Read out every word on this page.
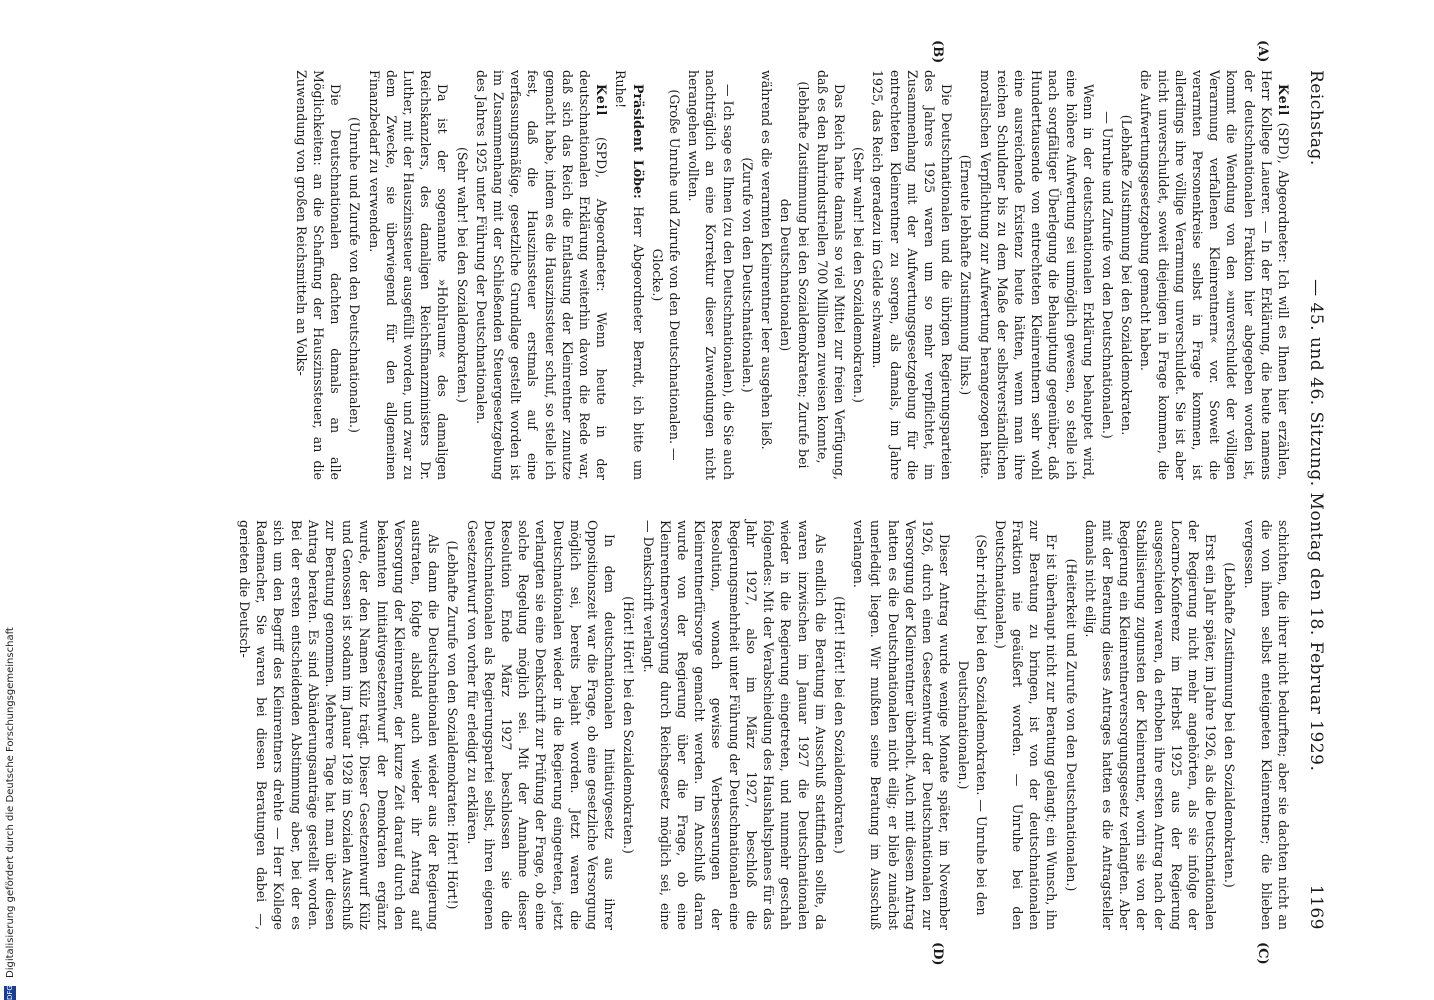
Reichstag.
— 45. und 46. Sitzung. Montag den 18. Februar 1929.
1169
(A)
(B)
(C)
(D)

Keil (SPD), Abgeordneter: Ich will es Ihnen hier erzählen, Herr Kollege Lauerer. — In der Erklärung, die heute namens der deutschnationalen Fraktion hier abgegeben worden ist, kommt die Wendung von den »unverschuldet der völligen Verarmung verfallenen Kleinrentnern« vor. Soweit die verarmten Personenkreise selbst in Frage kommen, ist allerdings ihre völlige Verarmung unverschuldet. Sie ist aber nicht unverschuldet, soweit diejenigen in Frage kommen, die die Aufwertungsgesetzgebung gemacht haben.

(Lebhafte Zustimmung bei den Sozialdemokraten.

— Unruhe und Zurufe von den Deutschnationalen.)

Wenn in der deutschnationalen Erklärung behauptet wird, eine höhere Aufwertung sei unmöglich gewesen, so stelle ich nach sorgfältiger Überlegung die Behauptung gegenüber, daß Hunderttausende von entrechteten Kleinrentnern sehr wohl eine ausreichende Existenz heute hätten, wenn man ihre reichen Schuldner bis zu dem Maße der selbstverständlichen moralischen Verpflichtung zur Aufwertung herangezogen hätte.

(Erneute lebhafte Zustimmung links.)

Die Deutschnationalen und die übrigen Regierungsparteien des Jahres 1925 waren um so mehr verpflichtet, im Zusammenhang mit der Aufwertungsgesetzgebung für die entrechteten Kleinrentner zu sorgen, als damals, im Jahre 1925, das Reich geradezu im Gelde schwamm.

(Sehr wahr! bei den Sozialdemokraten.)

Das Reich hatte damals so viel Mittel zur freien Verfügung, daß es den Ruhrindustriellen 700 Millionen zuweisen konnte,

(lebhafte Zustimmung bei den Sozialdemokraten; Zurufe bei den Deutschnationalen)

während es die verarmten Kleinrentner leer ausgehen ließ.

(Zurufe von den Deutschnationalen.)

— Ich sage es Ihnen (zu den Deutschnationalen), die Sie auch nachträglich an eine Korrektur dieser Zuwendungen nicht herangehen wollten.

(Große Unruhe und Zurufe von den Deutschnationalen. — Glocke.)

Präsident Löbe: Herr Abgeordneter Berndt, ich bitte um Ruhe!

Keil (SPD), Abgeordneter: Wenn heute in der deutschnationalen Erklärung weiterhin davon die Rede war, daß sich das Reich die Entlastung der Kleinrentner zunutze gemacht habe, indem es die Hauszinssteuer schuf, so stelle ich fest, daß die Hauszinssteuer erstmals auf eine verfassungsmäßige, gesetzliche Grundlage gestellt worden ist im Zusammenhang mit der Schließenden Steuergesetzgebung des Jahres 1925 unter Führung der Deutschnationalen.

(Sehr wahr! bei den Sozialdemokraten.)

Da ist der sogenannte »Hohlraum« des damaligen Reichskanzlers, des damaligen Reichsfinanzministers Dr. Luther, mit der Hauszinssteuer ausgefüllt worden, und zwar zu dem Zwecke, sie überwiegend für den allgemeinen Finanzbedarf zu verwenden.

(Unruhe und Zurufe von den Deutschnationalen.)

Die Deutschnationalen dachten damals an alle Möglichkeiten: an die Schaffung der Hauszinssteuer, an die Zuwendung von großen Reichsmitteln an Volks-

schichten, die ihrer nicht bedurften; aber sie dachten nicht an die von ihnen selbst enteigneten Kleinrentner; die blieben vergessen.

(Lebhafte Zustimmung bei den Sozialdemokraten.)

Erst ein Jahr später, im Jahre 1926, als die Deutschnationalen der Regierung nicht mehr angehörten, als sie infolge der Locarno-Konferenz im Herbst 1925 aus der Regierung ausgeschieden waren, da erhoben ihre ersten Antrag nach der Stabilisierung zugunsten der Kleinrentner, worin sie von der Regierung ein Kleinrentnerversorgungsgesetz verlangten. Aber mit der Beratung dieses Antrages hatten es die Antragsteller damals nicht eilig.

(Heiterkeit und Zurufe von den Deutschnationalen.)

Er ist überhaupt nicht zur Beratung gelangt; ein Wunsch, ihn zur Beratung zu bringen, ist von der deutschnationalen Fraktion nie geäußert worden. — Unruhe bei den Deutschnationalen.)

(Sehr richtig! bei den Sozialdemokraten. — Unruhe bei den Deutschnationalen.)

Dieser Antrag wurde wenige Monate später, im November 1926, durch einen Gesetzentwurf der Deutschnationalen zur Versorgung der Kleinrentner überholt. Auch mit diesem Antrag hatten es die Deutschnationalen nicht eilig; er blieb zunächst unerledigt liegen. Wir mußten seine Beratung im Ausschuß verlangen.

(Hört! Hört! bei den Sozialdemokraten.)

Als endlich die Beratung im Ausschuß stattfinden sollte, da waren inzwischen im Januar 1927 die Deutschnationalen wieder in die Regierung eingetreten, und nunmehr geschah folgendes: Mit der Verabschiedung des Haushaltsplanes für das Jahr 1927, also im März 1927, beschloß die Regierungsmehrheit unter Führung der Deutschnationalen eine Resolution, wonach gewisse Verbesserungen der Kleinrentnerfürsorge gemacht werden. Im Anschluß daran wurde von der Regierung über die Frage, ob eine Kleinrentnerversorgung durch Reichsgesetz möglich sei, eine — Denkschrift verlangt.

(Hört! Hört! bei den Sozialdemokraten.)

In dem deutschnationalen Initiativgesetz aus ihrer Oppositionszeit war die Frage, ob eine gesetzliche Versorgung möglich sei, bereits bejaht worden. Jetzt waren die Deutschnationalen wieder in die Regierung eingetreten, jetzt verlangten sie eine Denkschrift zur Prüfung der Frage, ob eine solche Regelung möglich sei. Mit der Annahme dieser Resolution Ende März 1927 beschlossen sie die Deutschnationalen als Regierungspartei selbst, ihren eigenen Gesetzentwurf von vorher für erledigt zu erklären.

(Lebhafte Zurufe von den Sozialdemokraten: Hört! Hört!)

Als dann die Deutschnationalen wieder aus der Regierung austraten, folgte alsbald auch wieder ihr Antrag auf Versorgung der Kleinrentner, der kurze Zeit darauf durch den bekannten Initiativgesetzentwurf der Demokraten ergänzt wurde, der den Namen Külz trägt. Dieser Gesetzentwurf Külz und Genossen ist sodann im Januar 1928 im Sozialen Ausschuß zur Beratung genommen. Mehrere Tage hat man über diesen Antrag beraten. Es sind Abänderungsanträge gestellt worden. Bei der ersten entscheidenden Abstimmung aber, bei der es sich um den Begriff des Kleinrentners drehte — Herr Kollege Rademacher, Sie waren bei diesen Beratungen dabei —, gerieten die Deutsch-

DFG
Digitalisierung gefördert durch die Deutsche Forschungsgemeinschaft
